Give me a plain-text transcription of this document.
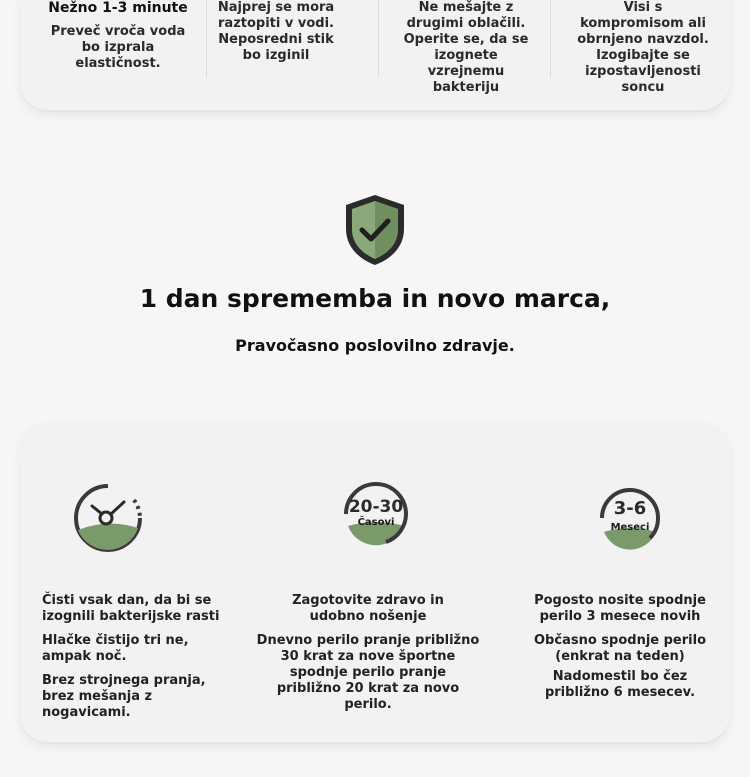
Nežno 1-3 minute
Preveč vroča voda bo izprala elastičnost.
Najprej se mora raztopiti v vodi.
Neposredni stik bo izginil
Ne mešajte z drugimi oblačili.
Operite se, da se izognete vzrejnemu bakteriju
Visi s kompromisom ali obrnjeno navzdol.
Izogibajte se izpostavljenosti soncu
1 dan sprememba in novo marca,
Pravočasno poslovilno zdravje.
20-30
Časovi
3-6
Meseci

Čisti vsak dan, da bi se izognili bakterijske rasti

Hlačke čistijo tri ne, ampak noč.

Brez strojnega pranja, brez mešanja z nogavicami.

Zagotovite zdravo in udobno nošenje

Dnevno perilo pranje približno 30 krat za nove športne spodnje perilo pranje približno 20 krat za novo perilo.

Pogosto nosite spodnje perilo 3 mesece novih

Občasno spodnje perilo (enkrat na teden)

Nadomestil bo čez približno 6 mesecev.
